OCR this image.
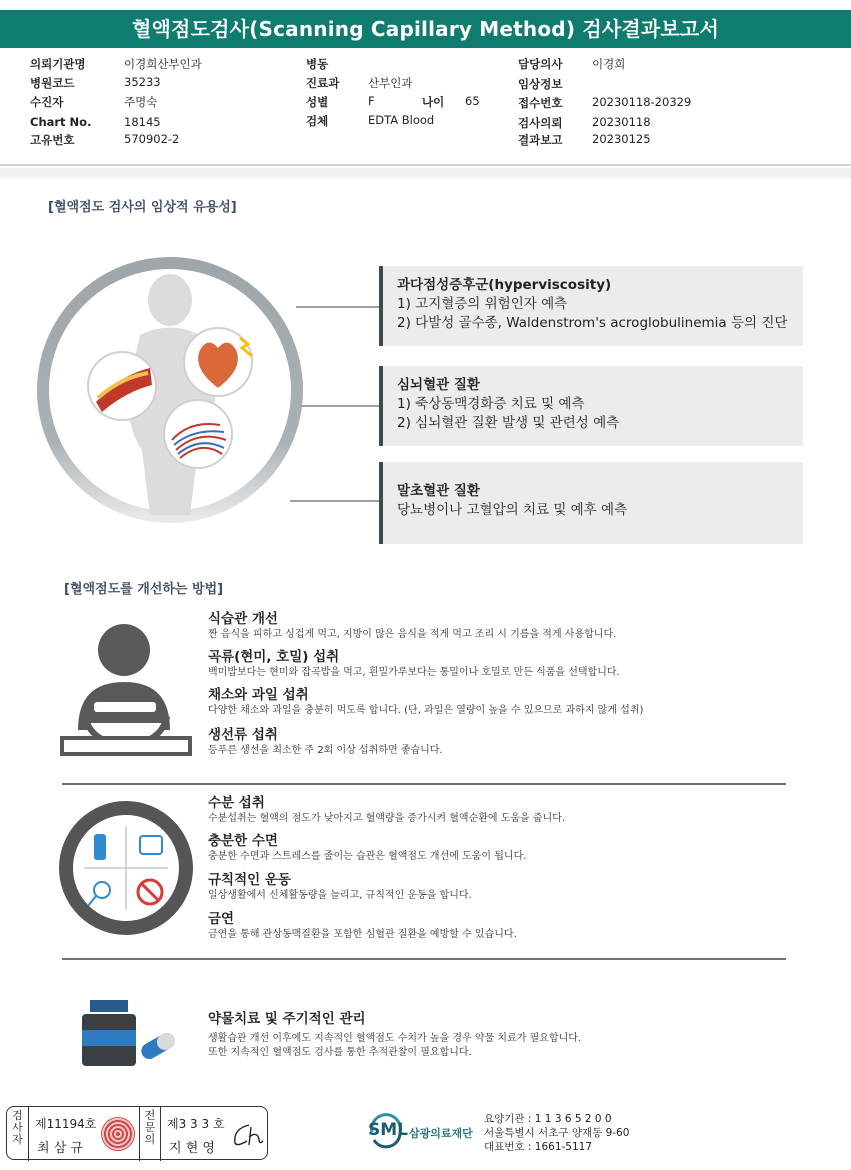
혈액점도검사(Scanning Capillary Method) 검사결과보고서
의뢰기관명	이경희산부인과
병원코드	35233
수진자	주명숙
Chart No.	18145
고유번호	570902-2
병동
진료과 산부인과
성별	F	나이 65
검체	EDTA Blood
담당의사	이경희
임상정보
접수번호	20230118-20329
검사의뢰	20230118
결과보고	20230125
[혈액점도 검사의 임상적 유용성]
과다점성증후군(hyperviscosity)
1) 고지혈증의 위험인자 예측
2) 다발성 골수종, Waldenstrom's acroglobulinemia 등의 진단
심뇌혈관 질환
1) 죽상동맥경화증 치료 및 예측
2) 심뇌혈관 질환 발생 및 관련성 예측
말초혈관 질환
당뇨병이나 고혈압의 치료 및 예후 예측
[혈액점도를 개선하는 방법]
식습관 개선
짠 음식을 피하고 싱겁게 먹고, 지방이 많은 음식을 적게 먹고 조리 시 기름을 적게 사용합니다.
곡류(현미, 호밀) 섭취
백미밥보다는 현미와 잡곡밥을 먹고, 흰밀가루보다는 통밀이나 호밀로 만든 식품을 선택합니다.
채소와 과일 섭취
다양한 채소와 과일을 충분히 먹도록 합니다. (단, 과일은 열량이 높을 수 있으므로 과하지 않게 섭취)
생선류 섭취
등푸른 생선을 최소한 주 2회 이상 섭취하면 좋습니다.
수분 섭취
수분섭취는 혈액의 점도가 낮아지고 혈액량을 증가시켜 혈액순환에 도움을 줍니다.
충분한 수면
충분한 수면과 스트레스를 줄이는 습관은 혈액점도 개선에 도움이 됩니다.
규칙적인 운동
일상생활에서 신체활동량을 늘리고, 규칙적인 운동을 합니다.
금연
금연을 통해 관상동맥질환을 포함한 심혈관 질환을 예방할 수 있습니다.
약물치료 및 주기적인 관리
생활습관 개선 이후에도 지속적인 혈액점도 수치가 높을 경우 약물 치료가 필요합니다.
또한 지속적인 혈액점도 검사를 통한 추적관찰이 필요합니다.
검사자
제11194호
최 삼 규
전문의
제3 3 3 호
지 현 영
SML 삼광의료재단
요양기관 : 1 1 3 6 5 2 0 0
서울특별시 서초구 양재동 9-60
대표번호 : 1661-5117
